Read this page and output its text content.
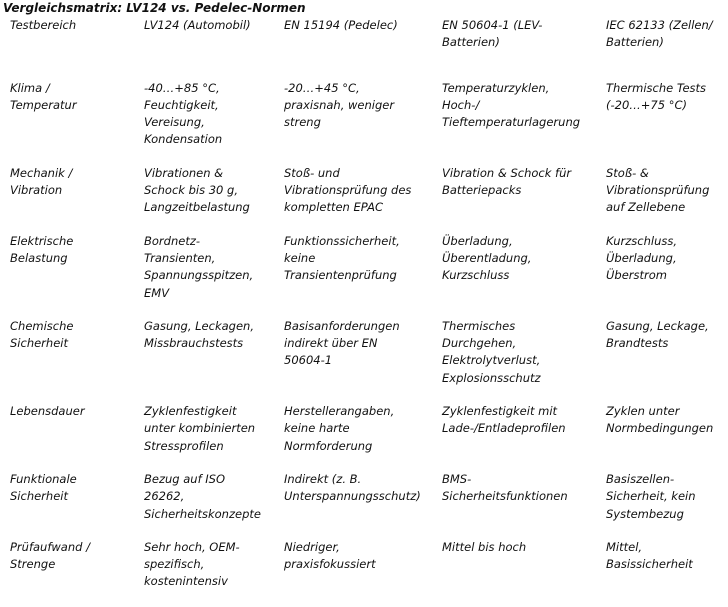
Vergleichsmatrix: LV124 vs. Pedelec-Normen
Testbereich	LV124 (Automobil)	EN 15194 (Pedelec)	EN 50604-1 (LEV-
Batterien)	IEC 62133 (Zellen/
Batterien)

Klima /
Temperatur	-40…+85 °C,
Feuchtigkeit,
Vereisung,
Kondensation	-20…+45 °C,
praxisnah, weniger
streng	Temperaturzyklen,
Hoch-/
Tieftemperaturlagerung	Thermische Tests
(-20…+75 °C)

Mechanik /
Vibration	Vibrationen &
Schock bis 30 g,
Langzeitbelastung	Stoß- und
Vibrationsprüfung des
kompletten EPAC	Vibration & Schock für
Batteriepacks	Stoß- &
Vibrationsprüfung
auf Zellebene

Elektrische
Belastung	Bordnetz-
Transienten,
Spannungsspitzen,
EMV	Funktionssicherheit,
keine
Transientenprüfung	Überladung,
Überentladung,
Kurzschluss	Kurzschluss,
Überladung,
Überstrom

Chemische
Sicherheit	Gasung, Leckagen,
Missbrauchstests	Basisanforderungen
indirekt über EN
50604-1	Thermisches
Durchgehen,
Elektrolytverlust,
Explosionsschutz	Gasung, Leckage,
Brandtests

Lebensdauer	Zyklenfestigkeit
unter kombinierten
Stressprofilen	Herstellerangaben,
keine harte
Normforderung	Zyklenfestigkeit mit
Lade-/Entladeprofilen	Zyklen unter
Normbedingungen

Funktionale
Sicherheit	Bezug auf ISO
26262,
Sicherheitskonzepte	Indirekt (z. B.
Unterspannungsschutz)	BMS-
Sicherheitsfunktionen	Basiszellen-
Sicherheit, kein
Systembezug

Prüfaufwand /
Strenge	Sehr hoch, OEM-
spezifisch,
kostenintensiv	Niedriger,
praxisfokussiert	Mittel bis hoch	Mittel,
Basissicherheit
